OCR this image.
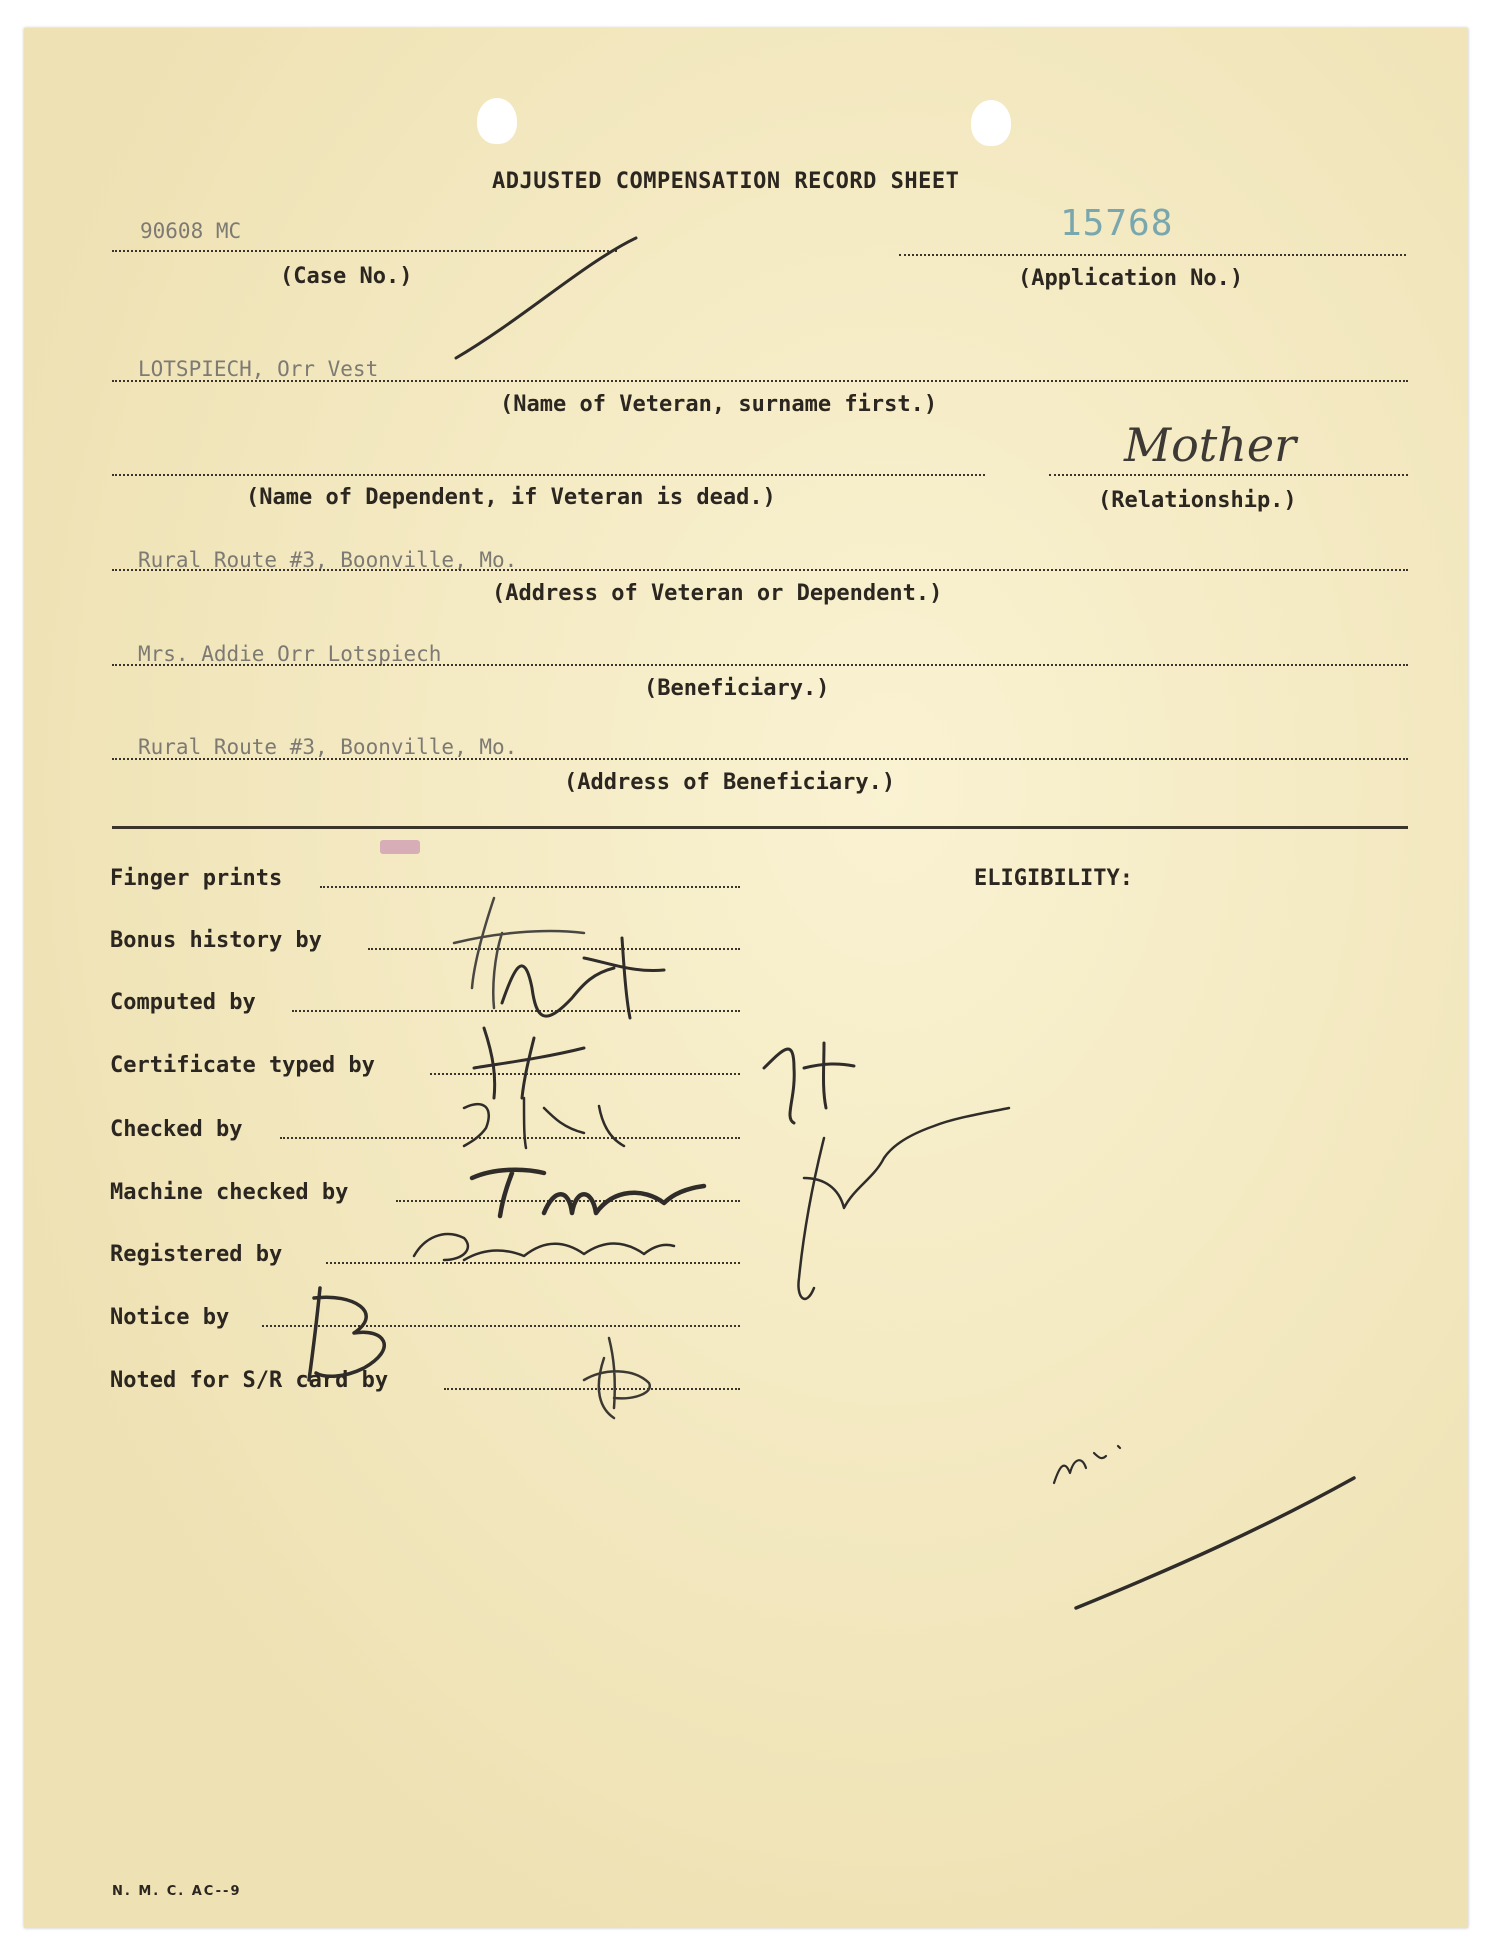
ADJUSTED COMPENSATION RECORD SHEET
90608 MC
(Case No.)
15768
(Application No.)
LOTSPIECH, Orr Vest
(Name of Veteran, surname first.)
(Name of Dependent, if Veteran is dead.)	(Relationship.)
Mother
Rural Route #3, Boonville, Mo.
(Address of Veteran or Dependent.)
Mrs. Addie Orr Lotspiech
(Beneficiary.)
Rural Route #3, Boonville, Mo.
(Address of Beneficiary.)
Finger prints
Bonus history by
Computed by
Certificate typed by
Checked by
Machine checked by
Registered by
Notice by
Noted for S/R card by
ELIGIBILITY:
N. M. C. AC--9
